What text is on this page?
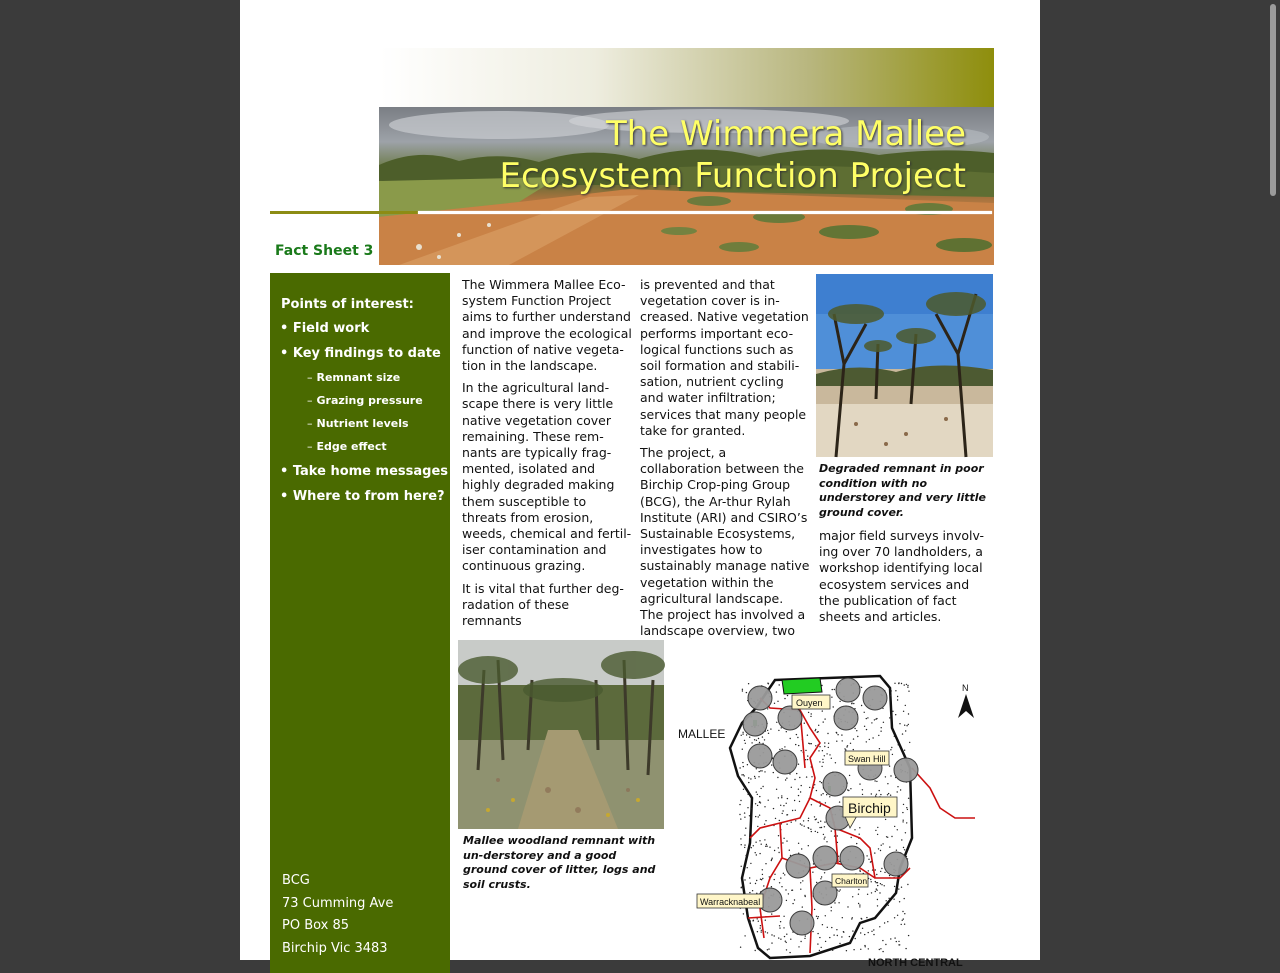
The Wimmera Mallee
Ecosystem Function Project
Fact Sheet 3
Points of interest:
• Field work
• Key findings to date
– Remnant size
– Grazing pressure
– Nutrient levels
– Edge effect
• Take home messages
• Where to from here?
BCG
73 Cumming Ave
PO Box 85
Birchip Vic 3483

The Wimmera Mallee Eco-system Function Project aims to further understand and improve the ecological function of native vegeta-tion in the landscape.

In the agricultural land-scape there is very little native vegetation cover remaining. These rem-nants are typically frag-mented, isolated and highly degraded making them susceptible to threats from erosion, weeds, chemical and fertil-iser contamination and continuous grazing.

It is vital that further deg-radation of these remnants

is prevented and that vegetation cover is in-creased. Native vegetation performs important eco-logical functions such as soil formation and stabili-sation, nutrient cycling and water infiltration; services that many people take for granted.

The project, a collaboration between the Birchip Crop-ping Group (BCG), the Ar-thur Rylah Institute (ARI) and CSIRO’s Sustainable Ecosystems, investigates how to sustainably manage native vegetation within the agricultural landscape. The project has involved a landscape overview, two

major field surveys involv-ing over 70 landholders, a workshop identifying local ecosystem services and the publication of fact sheets and articles.

Degraded remnant in poor condition with no understorey and very little ground cover.
Mallee woodland remnant with un-derstorey and a good ground cover of litter, logs and soil crusts.
MALLEE
Ouyen
Swan Hill
Birchip
Charlton
Warracknabeal
N
NORTH CENTRAL
